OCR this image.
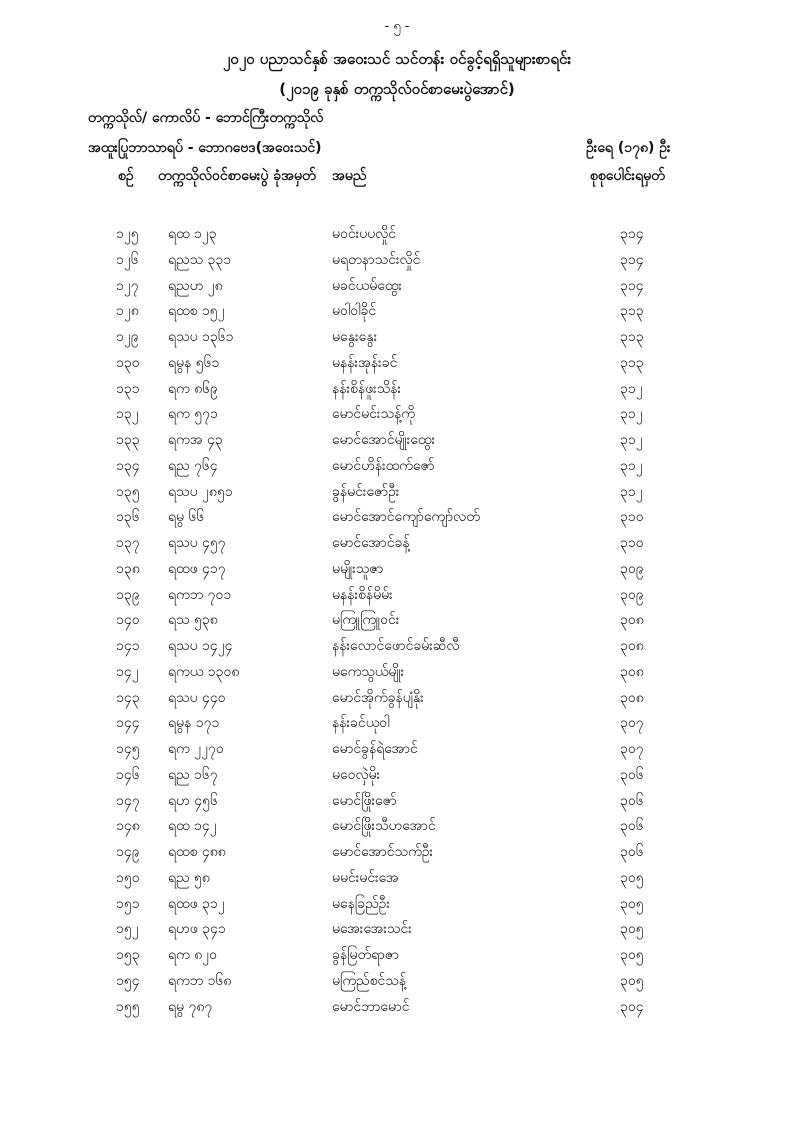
- ၅ -
၂၀၂၀ ပညာသင်နှစ် အဝေးသင် သင်တန်း ဝင်ခွင့်ရရှိသူများစာရင်း
(၂၀၁၉ ခုနှစ် တက္ကသိုလ်ဝင်စာမေးပွဲအောင်)
တက္ကသိုလ်/ ကောလိပ် - ဘောင်ကြီးတက္ကသိုလ်
အထူးပြုဘာသာရပ် - ဘောဂဗေဒ(အဝေးသင်)	ဦးရေ (၁၇၈) ဦး
စဉ် တက္ကသိုလ်ဝင်စာမေးပွဲ ခုံအမှတ်	အမည်	စုစုပေါင်းရမှတ်
၁၂၅ ရထ ၁၂၃	မဝင်းပပလှိုင်	၃၁၄
၁၂၆ ရညသ ၃၃၁	မရတနာသင်းလှိုင်	၃၁၄
၁၂၇ ရညဟ ၂၈	မခင်ယမ်ထွေး	၃၁၄
၁၂၈ ရထစ ၁၅၂	မဝါဝါခိုင်	၃၁၃
၁၂၉ ရသပ ၁၃၆၁	မနွေးနွေး	၃၁၃
၁၃၀ ရမွန ၅၆၁	မနန်းအုန်းခင်	၃၁၃
၁၃၁ ရက ၈၆၉	နန်းစိန်ဖူးသိန်း	၃၁၂
၁၃၂ ရက ၅၇၁	မောင်မင်းသန့်ကို	၃၁၂
၁၃၃ ရကအ ၄၃	မောင်အောင်မျိုးထွေး	၃၁၂
၁၃၄ ရည ၇၆၄	မောင်ဟိန်းထက်ဇော်	၃၁၂
၁၃၅ ရသပ ၂၈၅၁	ခွန်မင်းဇော်ဦး	၃၁၂
၁၃၆ ရမွ ၆၆	မောင်အောင်ကျော်ကျော်လတ်	၃၁၀
၁၃၇ ရသပ ၄၅၇	မောင်အောင်ခန့်	၃၁၀
၁၃၈ ရထဖ ၄၁၇	မမျိုးသူဇာ	၃၀၉
၁၃၉ ရကဘ ၇၀၁	မနန်းစိန်မိမ်း	၃၀၉
၁၄၀ ရသ ၅၃၈	မကြူကြူဝင်း	၃၀၈
၁၄၁ ရသပ ၁၄၂၄	နန်းလောင်ဖောင်ခမ်းဆီလီ	၃၀၈
၁၄၂ ရကယ ၁၃၀၈	မကေသွယ်မျိုး	၃၀၈
၁၄၃ ရသပ ၄၄၀	မောင်အိုက်ခွန်ပျံနိုး	၃၀၈
၁၄၄ ရမွန ၁၇၁	နန်းခင်ယုဝါ	၃၀၇
၁၄၅ ရက ၂၂၇၀	မောင်ခွန်ရဲအောင်	၃၀၇
၁၄၆ ရည ၁၆၇	မဝေလှဲမိုး	၃၀၆
၁၄၇ ရဟ ၄၅၆	မောင်ဖြိုးဇော်	၃၀၆
၁၄၈ ရထ ၁၄၂	မောင်ဖြိုးသီဟအောင်	၃၀၆
၁၄၉ ရထစ ၄၈၈	မောင်အောင်သက်ဦး	၃၀၆
၁၅၀ ရည ၅၈	မမင်းမင်းအေ	၃၀၅
၁၅၁ ရထဖ ၃၁၂	မနေခြည်ဦး	၃၀၅
၁၅၂ ရဟဖ ၃၄၁	မအေးအေးသင်း	၃၀၅
၁၅၃ ရက ၈၂၀	ခွန်မြတ်ရာဇာ	၃၀၅
၁၅၄ ရကဘ ၁၆၈	မကြည်စင်သန့်	၃၀၅
၁၅၅ ရမွ ၇၈၇	မောင်ဘာမောင်	၃၀၄
